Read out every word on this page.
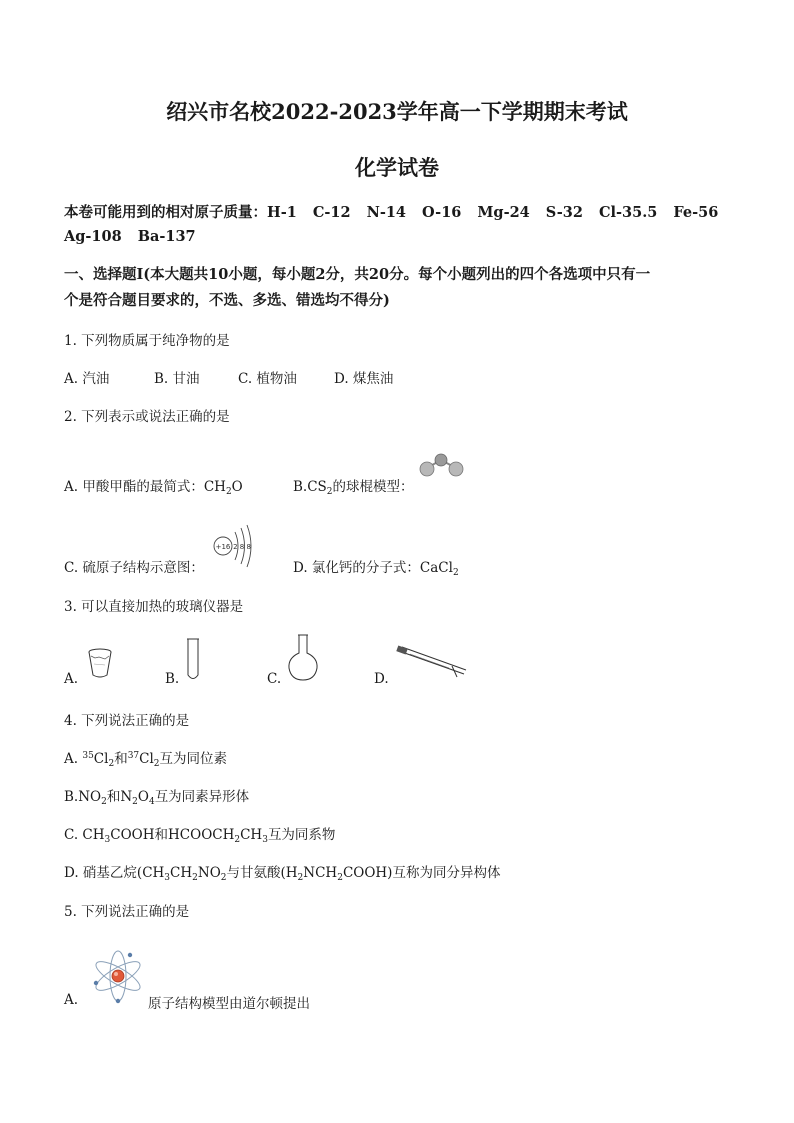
绍兴市名校2022-2023学年高一下学期期末考试
化学试卷
本卷可能用到的相对原子质量：H-1 C-12 N-14 O-16 Mg-24 S-32 Cl-35.5 Fe-56
Ag-108 Ba-137
一、选择题Ⅰ(本大题共10小题，每小题2分，共20分。每个小题列出的四个各选项中只有一
个是符合题目要求的，不选、多选、错选均不得分)
1. 下列物质属于纯净物的是
A. 汽油	B. 甘油	C. 植物油	D. 煤焦油
2. 下列表示或说法正确的是
A. 甲酸甲酯的最简式：$CH_2O$	$B.CS_2$的球棍模型：
C. 硫原子结构示意图：
+16 2 8 8
D. 氯化钙的分子式：CaCl$_2$
3. 可以直接加热的玻璃仪器是
A.	B.	C.	D.
4. 下列说法正确的是
A. $^{35}Cl_2$和$^{37}Cl_2$互为同位素
$B.NO_2$和$N_2O_4$互为同素异形体
C. $CH_3COOH$和$HCOOCH_2CH_3$互为同系物
D. 硝基乙烷($CH_3CH_2NO_2$与甘氨酸$(H_2NCH_2COOH)$互称为同分异构体
5. 下列说法正确的是
A.	原子结构模型由道尔顿提出
